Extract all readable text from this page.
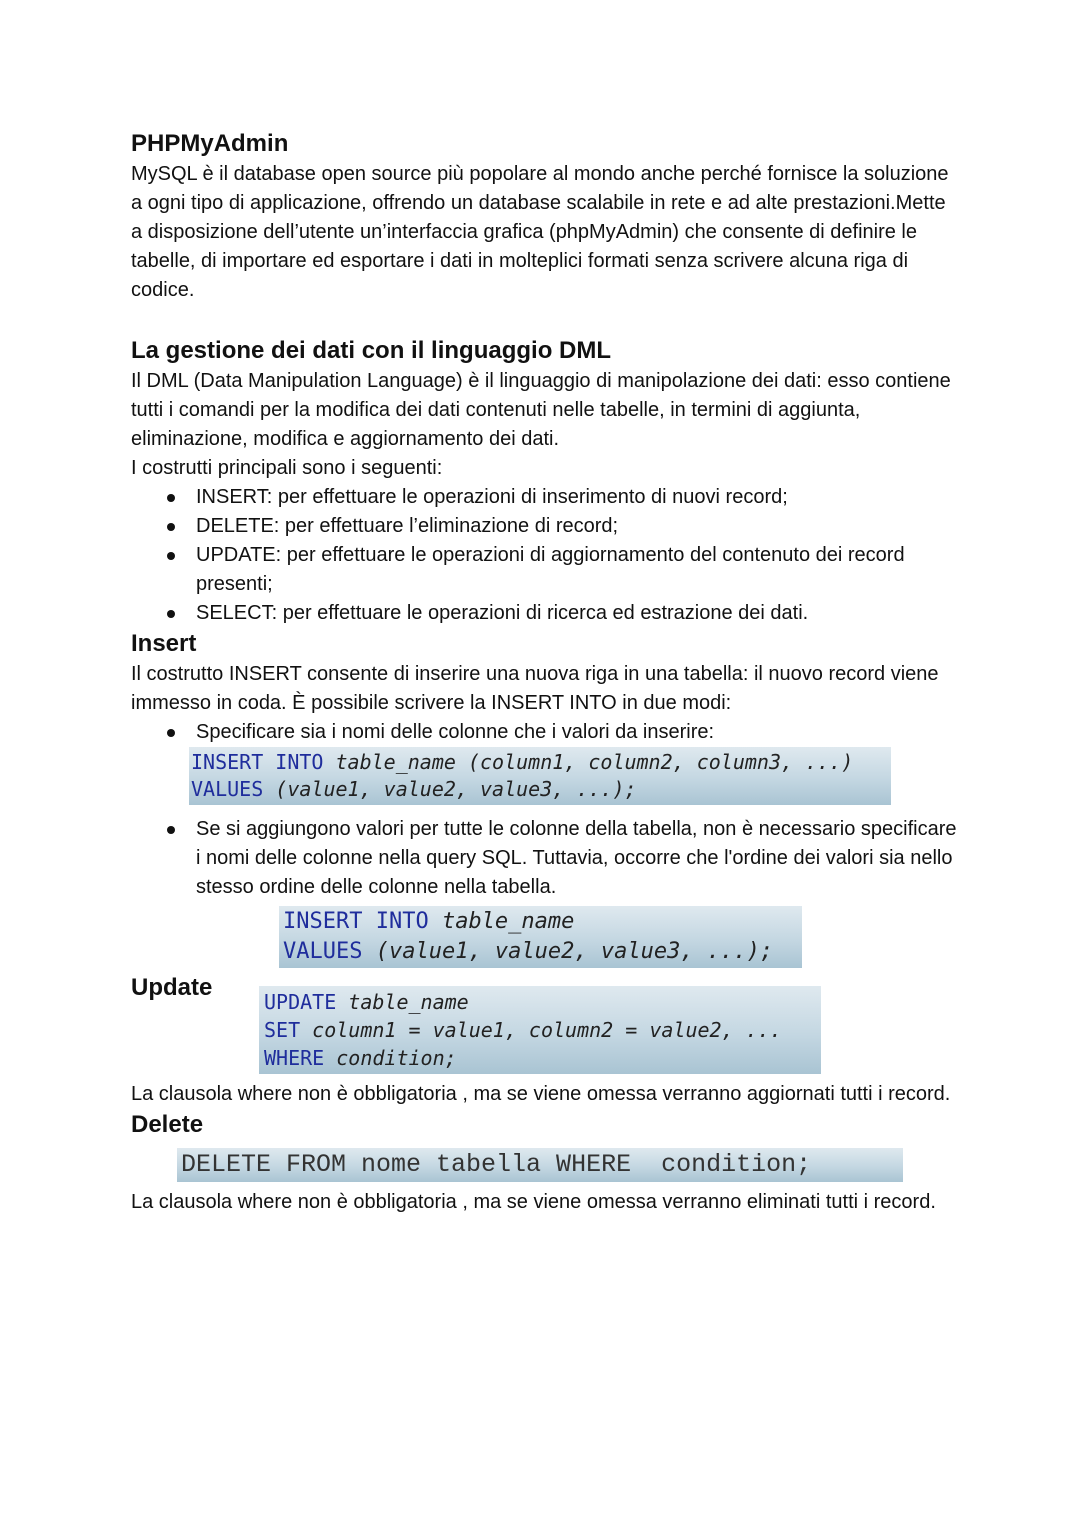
PHPMyAdmin

MySQL è il database open source più popolare al mondo anche perché fornisce la soluzione a ogni tipo di applicazione, offrendo un database scalabile in rete e ad alte prestazioni.Mette a disposizione dell’utente un’interfaccia grafica (phpMyAdmin) che consente di definire le tabelle, di importare ed esportare i dati in molteplici formati senza scrivere alcuna riga di codice.

La gestione dei dati con il linguaggio DML

Il DML (Data Manipulation Language) è il linguaggio di manipolazione dei dati: esso contiene tutti i comandi per la modifica dei dati contenuti nelle tabelle, in termini di aggiunta, eliminazione, modifica e aggiornamento dei dati.

I costrutti principali sono i seguenti:

INSERT: per effettuare le operazioni di inserimento di nuovi record;
DELETE: per effettuare l’eliminazione di record;
UPDATE: per effettuare le operazioni di aggiornamento del contenuto dei record presenti;
SELECT: per effettuare le operazioni di ricerca ed estrazione dei dati.
Insert

Il costrutto INSERT consente di inserire una nuova riga in una tabella: il nuovo record viene immesso in coda. È possibile scrivere la INSERT INTO in due modi:

Specificare sia i nomi delle colonne che i valori da inserire:
INSERT INTO table_name (column1, column2, column3, ...)
VALUES (value1, value2, value3, ...);
Se si aggiungono valori per tutte le colonne della tabella, non è necessario specificare i nomi delle colonne nella query SQL. Tuttavia, occorre che l'ordine dei valori sia nello stesso ordine delle colonne nella tabella.
INSERT INTO table_name
VALUES (value1, value2, value3, ...);
Update
UPDATE table_name
SET column1 = value1, column2 = value2, ...
WHERE condition;

La clausola where non è obbligatoria , ma se viene omessa verranno aggiornati tutti i record.

Delete
DELETE FROM nome tabella WHERE  condition;

La clausola where non è obbligatoria , ma se viene omessa verranno eliminati tutti i record.
